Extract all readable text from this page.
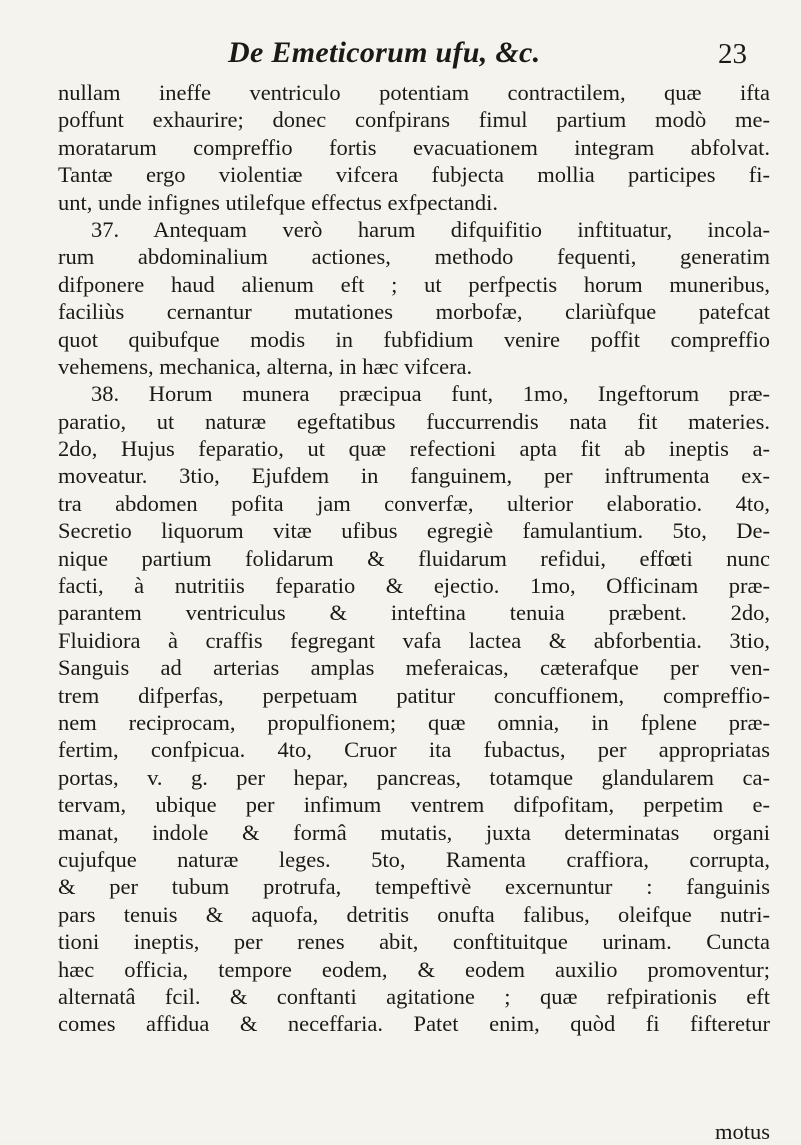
De Emeticorum ufu, &c.	23
nullam ineffe ventriculo potentiam contractilem, quæ ifta
poffunt exhaurire; donec confpirans fimul partium modò me-
moratarum compreffio fortis evacuationem integram abfolvat.
Tantæ ergo violentiæ vifcera fubjecta mollia participes fi-
unt, unde infignes utilefque effectus exfpectandi.
37. Antequam verò harum difquifitio inftituatur, incola-
rum abdominalium actiones, methodo fequenti, generatim
difponere haud alienum eft ; ut perfpectis horum muneribus,
faciliùs cernantur mutationes morbofæ, clariùfque patefcat
quot quibufque modis in fubfidium venire poffit compreffio
vehemens, mechanica, alterna, in hæc vifcera.
38. Horum munera præcipua funt, 1mo, Ingeftorum præ-
paratio, ut naturæ egeftatibus fuccurrendis nata fit materies.
2do, Hujus feparatio, ut quæ refectioni apta fit ab ineptis a-
moveatur. 3tio, Ejufdem in fanguinem, per inftrumenta ex-
tra abdomen pofita jam converfæ, ulterior elaboratio. 4to,
Secretio liquorum vitæ ufibus egregiè famulantium. 5to, De-
nique partium folidarum & fluidarum refidui, effœti nunc
facti, à nutritiis feparatio & ejectio. 1mo, Officinam præ-
parantem ventriculus & inteftina tenuia præbent. 2do,
Fluidiora à craffis fegregant vafa lactea & abforbentia. 3tio,
Sanguis ad arterias amplas meferaicas, cæterafque per ven-
trem difperfas, perpetuam patitur concuffionem, compreffio-
nem reciprocam, propulfionem; quæ omnia, in fplene præ-
fertim, confpicua. 4to, Cruor ita fubactus, per appropriatas
portas, v. g. per hepar, pancreas, totamque glandularem ca-
tervam, ubique per infimum ventrem difpofitam, perpetim e-
manat, indole & formâ mutatis, juxta determinatas organi
cujufque naturæ leges. 5to, Ramenta craffiora, corrupta,
& per tubum protrufa, tempeftivè excernuntur : fanguinis
pars tenuis & aquofa, detritis onufta falibus, oleifque nutri-
tioni ineptis, per renes abit, conftituitque urinam. Cuncta
hæc officia, tempore eodem, & eodem auxilio promoventur;
alternatâ fcil. & conftanti agitatione ; quæ refpirationis eft
comes affidua & neceffaria. Patet enim, quòd fi fifteretur
motus
